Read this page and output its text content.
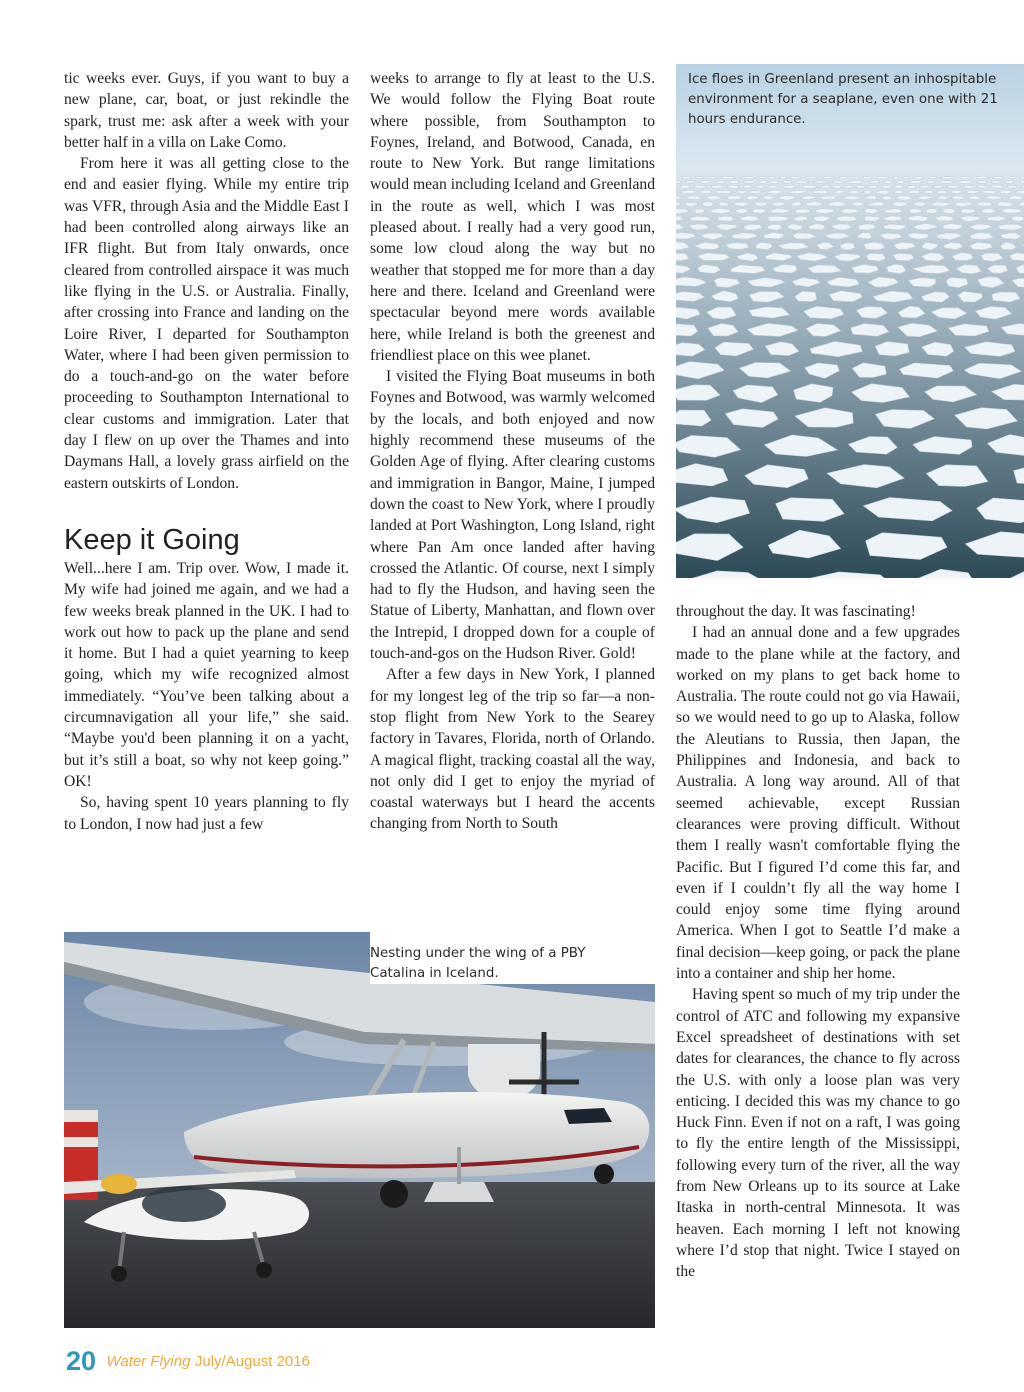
tic weeks ever. Guys, if you want to buy a new plane, car, boat, or just rekindle the spark, trust me: ask after a week with your better half in a villa on Lake Como.

From here it was all getting close to the end and easier flying. While my entire trip was VFR, through Asia and the Middle East I had been controlled along airways like an IFR flight. But from Italy onwards, once cleared from controlled airspace it was much like flying in the U.S. or Australia. Finally, after crossing into France and landing on the Loire River, I departed for Southampton Water, where I had been given permission to do a touch-and-go on the water before proceeding to Southampton International to clear customs and immigration. Later that day I flew on up over the Thames and into Daymans Hall, a lovely grass airfield on the eastern outskirts of London.

Keep it Going

Well...here I am. Trip over. Wow, I made it. My wife had joined me again, and we had a few weeks break planned in the UK. I had to work out how to pack up the plane and send it home. But I had a quiet yearning to keep going, which my wife recognized almost immediately. “You’ve been talking about a circumnavigation all your life,” she said. “Maybe you'd been planning it on a yacht, but it’s still a boat, so why not keep going.” OK!

So, having spent 10 years planning to fly to London, I now had just a few

weeks to arrange to fly at least to the U.S. We would follow the Flying Boat route where possible, from Southampton to Foynes, Ireland, and Botwood, Canada, en route to New York. But range limitations would mean including Iceland and Greenland in the route as well, which I was most pleased about. I really had a very good run, some low cloud along the way but no weather that stopped me for more than a day here and there. Iceland and Greenland were spectacular beyond mere words available here, while Ireland is both the greenest and friendliest place on this wee planet.

I visited the Flying Boat museums in both Foynes and Botwood, was warmly welcomed by the locals, and both enjoyed and now highly recommend these museums of the Golden Age of flying. After clearing customs and immigration in Bangor, Maine, I jumped down the coast to New York, where I proudly landed at Port Washington, Long Island, right where Pan Am once landed after having crossed the Atlantic. Of course, next I simply had to fly the Hudson, and having seen the Statue of Liberty, Manhattan, and flown over the Intrepid, I dropped down for a couple of touch-and-gos on the Hudson River. Gold!

After a few days in New York, I planned for my longest leg of the trip so far—a non-stop flight from New York to the Searey factory in Tavares, Florida, north of Orlando. A magical flight, tracking coastal all the way, not only did I get to enjoy the myriad of coastal waterways but I heard the accents changing from North to South

Ice floes in Greenland present an inhospitable environment for a seaplane, even one with 21 hours endurance.

throughout the day. It was fascinating!

I had an annual done and a few upgrades made to the plane while at the factory, and worked on my plans to get back home to Australia. The route could not go via Hawaii, so we would need to go up to Alaska, follow the Aleutians to Russia, then Japan, the Philippines and Indonesia, and back to Australia. A long way around. All of that seemed achievable, except Russian clearances were proving difficult. Without them I really wasn't comfortable flying the Pacific. But I figured I’d come this far, and even if I couldn’t fly all the way home I could enjoy some time flying around America. When I got to Seattle I’d make a final decision—keep going, or pack the plane into a container and ship her home.

Having spent so much of my trip under the control of ATC and following my expansive Excel spreadsheet of destinations with set dates for clearances, the chance to fly across the U.S. with only a loose plan was very enticing. I decided this was my chance to go Huck Finn. Even if not on a raft, I was going to fly the entire length of the Mississippi, following every turn of the river, all the way from New Orleans up to its source at Lake Itaska in north-central Minnesota. It was heaven. Each morning I left not knowing where I’d stop that night. Twice I stayed on the

Nesting under the wing of a PBY Catalina in Iceland.
20 Water Flying July/August 2016
